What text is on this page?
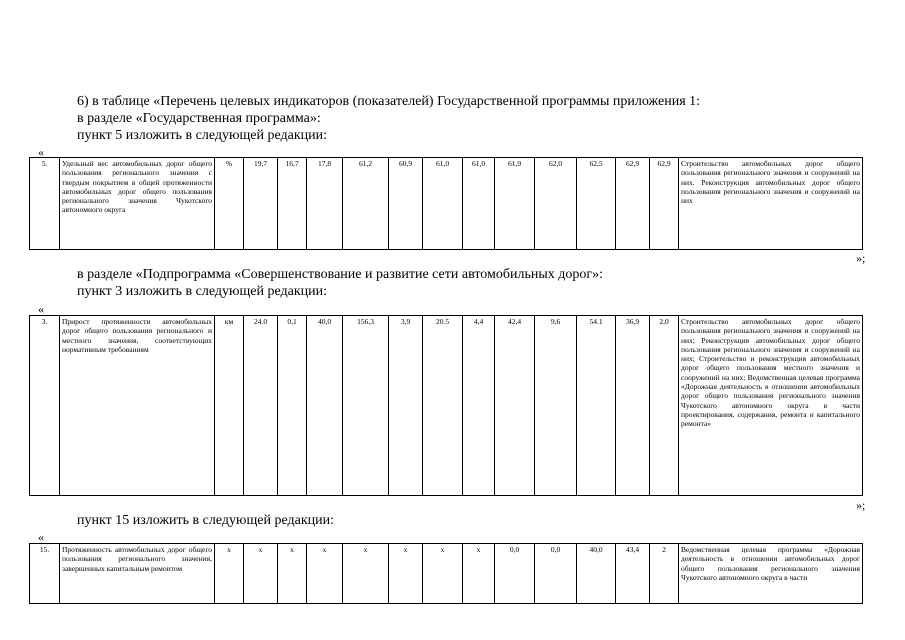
6) в таблице «Перечень целевых индикаторов (показателей) Государственной программы приложения 1:
в разделе «Государственная программа»:
пункт 5 изложить в следующей редакции:
«
5.	Удельный вес автомобильных дорог общего пользования регионального значения с твердым покрытием в общей протяженности автомобильных дорог общего пользования регионального значения Чукотского автономного округа	%	19,7	16,7	17,8	61,2	60,9	61,0	61,0	61,9	62,0	62,5	62,9	62,9	Строительство автомобильных дорог общего пользования регионального значения и сооружений на них. Реконструкция автомобильных дорог общего пользования регионального значения и сооружений на них
»;
в разделе «Подпрограмма «Совершенствование и развитие сети автомобильных дорог»:
пункт 3 изложить в следующей редакции:
«
3.	Прирост протяженности автомобильных дорог общего пользования регионального и местного значения, соответствующих нормативным требованиям	км	24.0	0,1	40,0	156,3	3,9	20.5	4,4	42,4	9,6	54.1	36,9	2,0	Строительство автомобильных дорог общего пользования регионального значения и сооружений на них; Реконструкция автомобильных дорог общего пользования регионального значения и сооружений на них; Строительство и реконструкция автомобильных дорог общего пользования местного значения и сооружений на них; Ведомственная целевая программа «Дорожная деятельность в отношении автомобильных дорог общего пользования регионального значения Чукотского автономного округа в части проектирования, содержания, ремонта и капитального ремонта»
»;
пункт 15 изложить в следующей редакции:
«
15.	Протяженность автомобильных дорог общего пользования регионального значения, завершенных капитальным ремонтом	x	x	x	x	x	x	x	x	0,0	0,0	40,0	43,4	2	Ведомственная целевая программа «Дорожная деятельность в отношении автомобильных дорог общего пользования регионального значения Чукотского автономного округа в части
